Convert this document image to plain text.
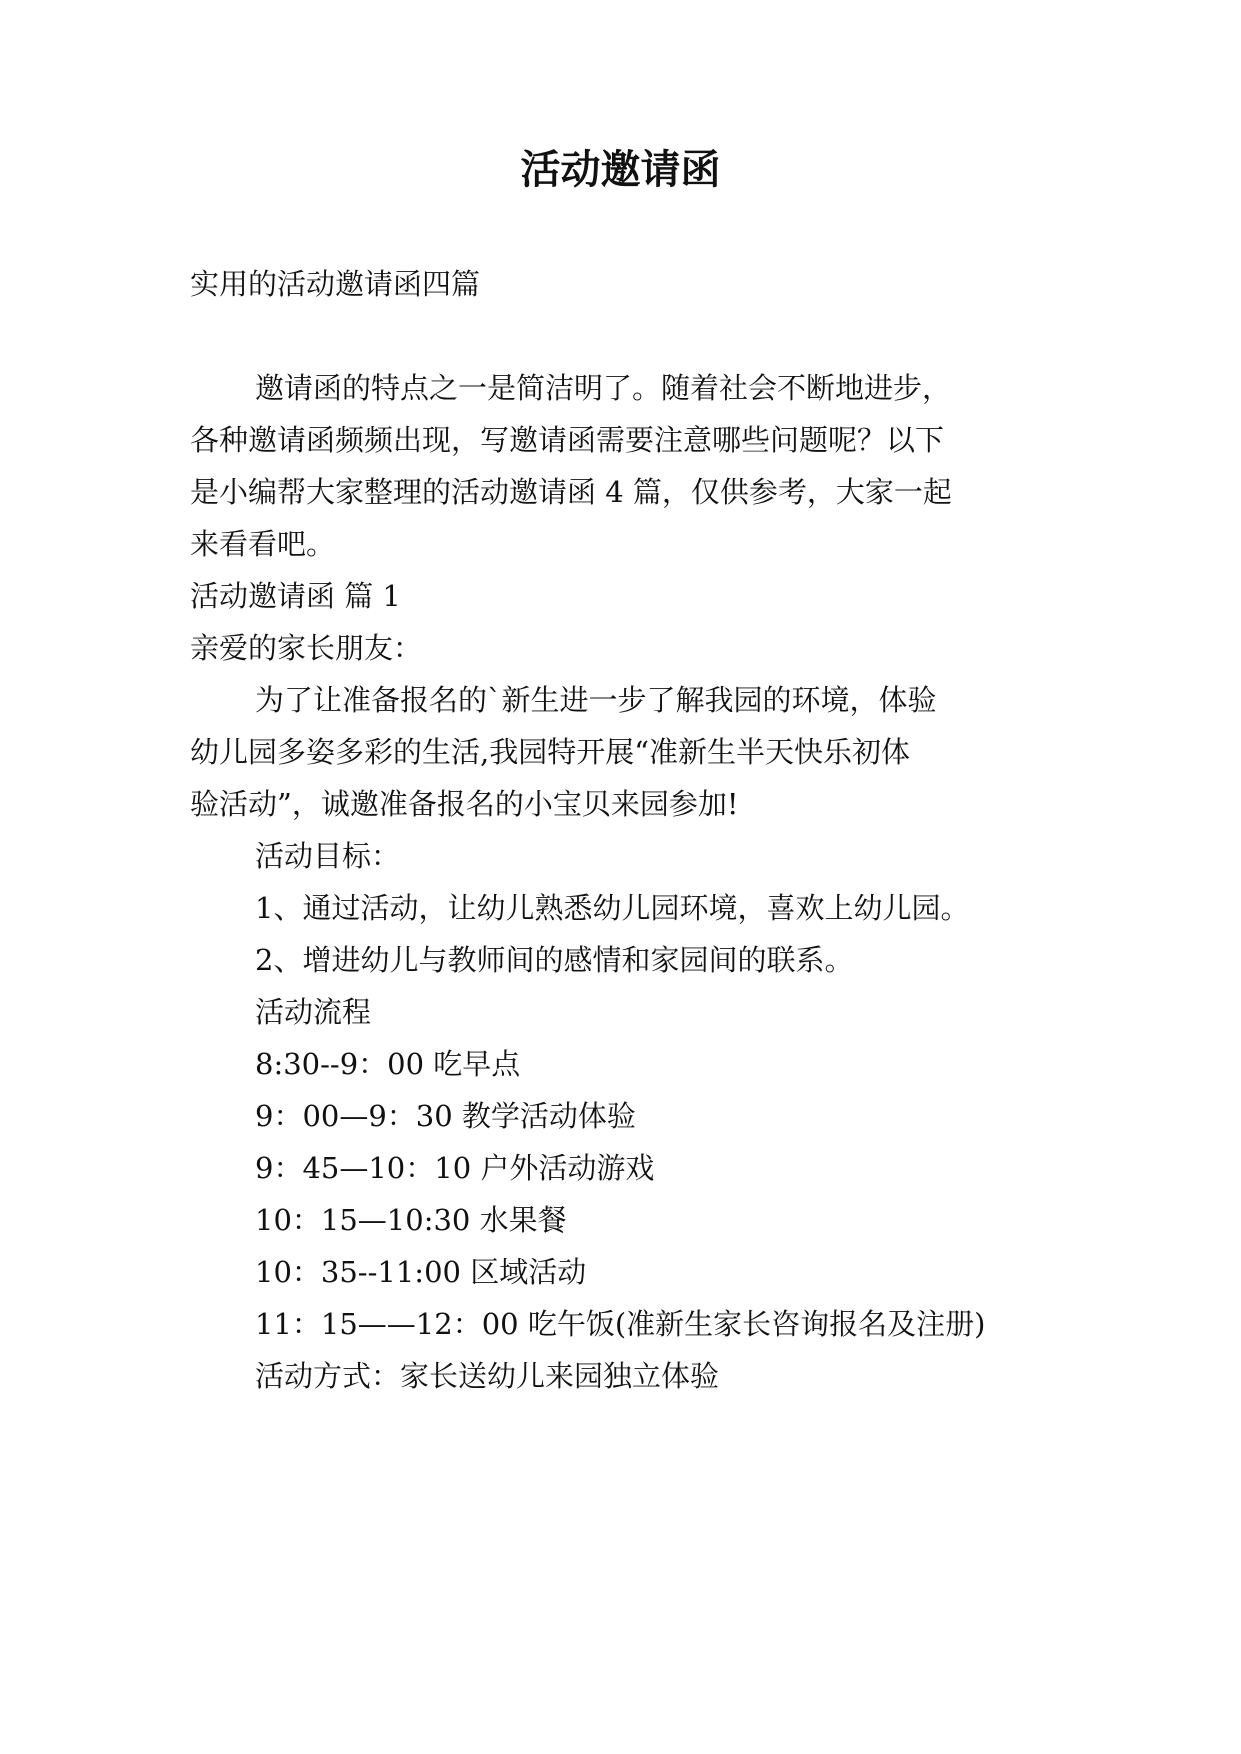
活动邀请函
实用的活动邀请函四篇
邀请函的特点之一是简洁明了。随着社会不断地进步，
各种邀请函频频出现，写邀请函需要注意哪些问题呢？以下
是小编帮大家整理的活动邀请函 4 篇，仅供参考，大家一起
来看看吧。
活动邀请函 篇 1
亲爱的家长朋友：
为了让准备报名的`新生进一步了解我园的环境，体验
幼儿园多姿多彩的生活,我园特开展“准新生半天快乐初体
验活动”，诚邀准备报名的小宝贝来园参加!
活动目标：
1、通过活动，让幼儿熟悉幼儿园环境，喜欢上幼儿园。
2、增进幼儿与教师间的感情和家园间的联系。
活动流程
8:30--9：00 吃早点
9：00—9：30 教学活动体验
9：45—10：10 户外活动游戏
10：15—10:30 水果餐
10：35--11:00 区域活动
11：15——12：00 吃午饭(准新生家长咨询报名及注册)
活动方式：家长送幼儿来园独立体验
